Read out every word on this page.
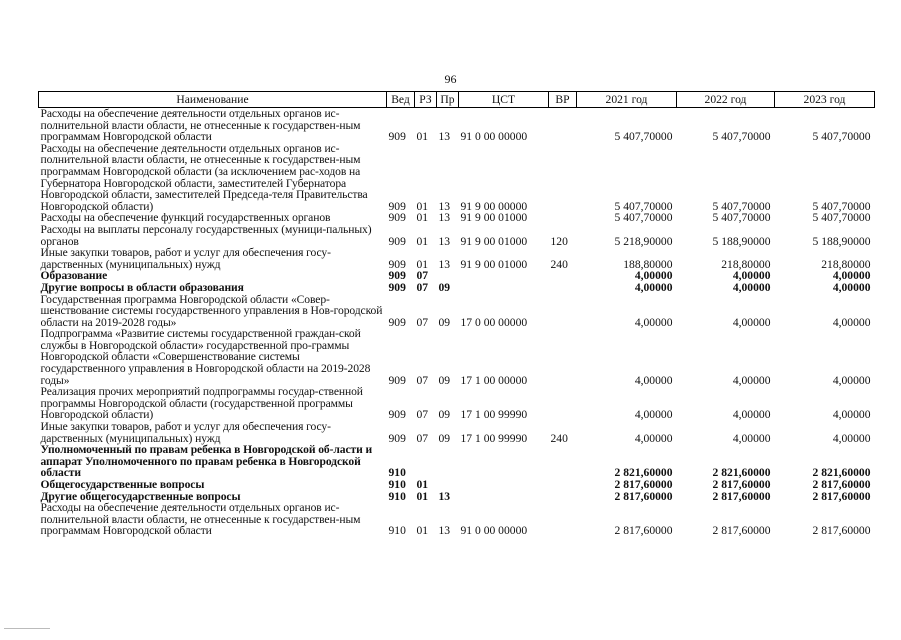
96
Наименование	Вед	РЗ	Пр	ЦСТ	ВР	2021 год	2022 год	2023 год
Расходы на обеспечение деятельности отдельных органов ис-полнительной власти области, не отнесенные к государствен-ным программам Новгородской области	909	01	13	91 0 00 00000		5 407,70000	5 407,70000	5 407,70000
Расходы на обеспечение деятельности отдельных органов ис-полнительной власти области, не отнесенные к государствен-ным программам Новгородской области (за исключением рас-ходов на Губернатора Новгородской области, заместителей Губернатора Новгородской области, заместителей Председа-теля Правительства Новгородской области)	909	01	13	91 9 00 00000		5 407,70000	5 407,70000	5 407,70000
Расходы на обеспечение функций государственных органов	909	01	13	91 9 00 01000		5 407,70000	5 407,70000	5 407,70000
Расходы на выплаты персоналу государственных (муници-пальных) органов	909	01	13	91 9 00 01000	120	5 218,90000	5 188,90000	5 188,90000
Иные закупки товаров, работ и услуг для обеспечения госу-дарственных (муниципальных) нужд	909	01	13	91 9 00 01000	240	188,80000	218,80000	218,80000
Образование	909	07				4,00000	4,00000	4,00000
Другие вопросы в области образования	909	07	09			4,00000	4,00000	4,00000
Государственная программа Новгородской области «Совер-шенствование системы государственного управления в Нов-городской области на 2019-2028 годы»	909	07	09	17 0 00 00000		4,00000	4,00000	4,00000
Подпрограмма «Развитие системы государственной граждан-ской службы в Новгородской области» государственной про-граммы Новгородской области «Совершенствование системы государственного управления в Новгородской области на 2019-2028 годы»	909	07	09	17 1 00 00000		4,00000	4,00000	4,00000
Реализация прочих мероприятий подпрограммы государ-ственной программы Новгородской области (государственной программы Новгородской области)	909	07	09	17 1 00 99990		4,00000	4,00000	4,00000
Иные закупки товаров, работ и услуг для обеспечения госу-дарственных (муниципальных) нужд	909	07	09	17 1 00 99990	240	4,00000	4,00000	4,00000
Уполномоченный по правам ребенка в Новгородской об-ласти и аппарат Уполномоченного по правам ребенка в Новгородской области	910					2 821,60000	2 821,60000	2 821,60000
Общегосударственные вопросы	910	01				2 817,60000	2 817,60000	2 817,60000
Другие общегосударственные вопросы	910	01	13			2 817,60000	2 817,60000	2 817,60000
Расходы на обеспечение деятельности отдельных органов ис-полнительной власти области, не отнесенные к государствен-ным программам Новгородской области	910	01	13	91 0 00 00000		2 817,60000	2 817,60000	2 817,60000
